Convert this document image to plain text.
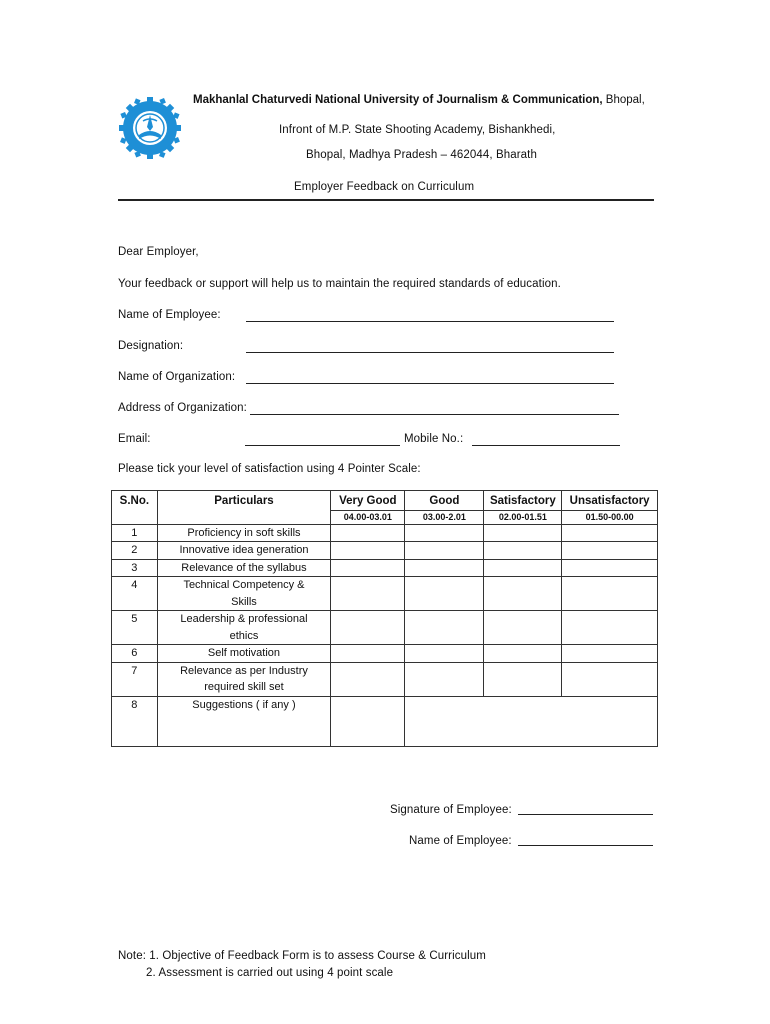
Makhanlal Chaturvedi National University of Journalism & Communication, Bhopal,
Infront of M.P. State Shooting Academy, Bishankhedi,
Bhopal, Madhya Pradesh – 462044, Bharath
Employer Feedback on Curriculum
Dear Employer,
Your feedback or support will help us to maintain the required standards of education.
Name of Employee:
Designation:
Name of Organization:
Address of Organization:
Email:	Mobile No.:
Please tick your level of satisfaction using 4 Pointer Scale:
S.No.	Particulars	Very Good	Good	Satisfactory	Unsatisfactory
		04.00-03.01	03.00-2.01	02.00-01.51	01.50-00.00
1	Proficiency in soft skills				
2	Innovative idea generation				
3	Relevance of the syllabus				
4	Technical Competency & Skills				
5	Leadership & professional ethics				
6	Self motivation				
7	Relevance as per Industry required skill set				
8	Suggestions ( if any )				
Signature of Employee:
Name of Employee:
Note: 1. Objective of Feedback Form is to assess Course & Curriculum
2. Assessment is carried out using 4 point scale
